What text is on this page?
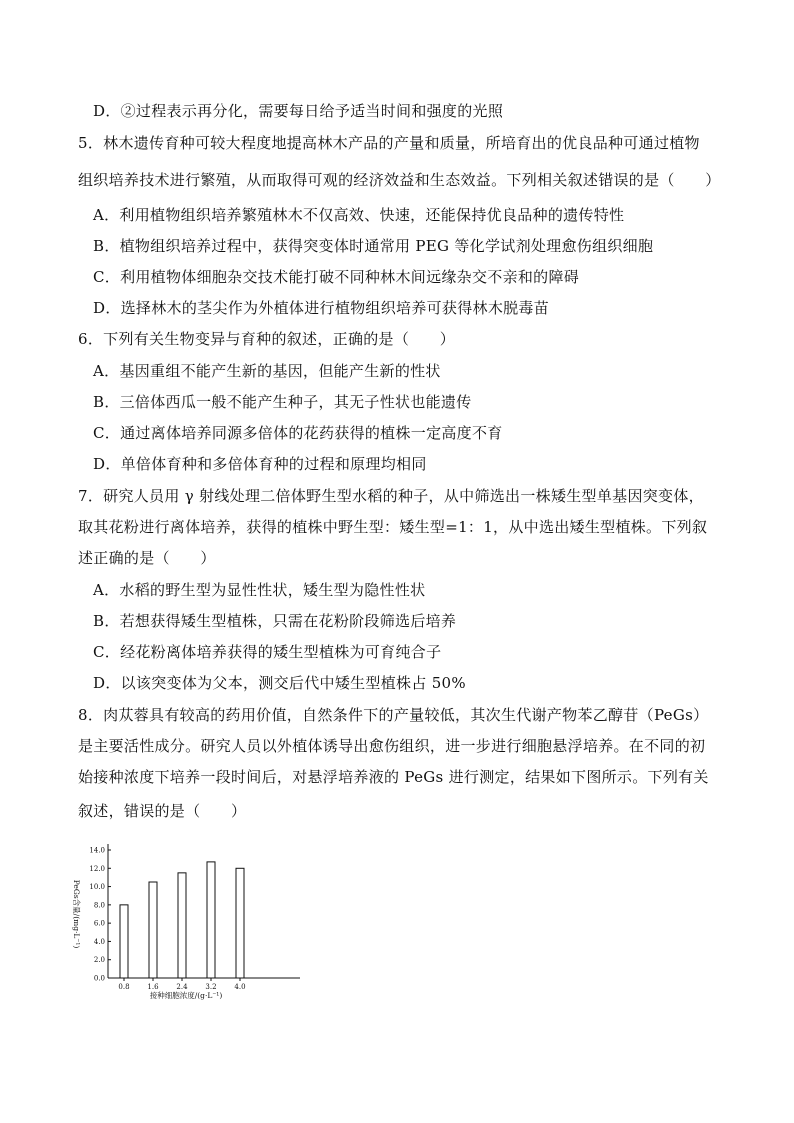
D．②过程表示再分化，需要每日给予适当时间和强度的光照
5．林木遗传育种可较大程度地提高林木产品的产量和质量，所培育出的优良品种可通过植物
组织培养技术进行繁殖，从而取得可观的经济效益和生态效益。下列相关叙述错误的是（　　）
A．利用植物组织培养繁殖林木不仅高效、快速，还能保持优良品种的遗传特性
B．植物组织培养过程中，获得突变体时通常用 PEG 等化学试剂处理愈伤组织细胞
C．利用植物体细胞杂交技术能打破不同种林木间远缘杂交不亲和的障碍
D．选择林木的茎尖作为外植体进行植物组织培养可获得林木脱毒苗
6．下列有关生物变异与育种的叙述，正确的是（　　）
A．基因重组不能产生新的基因，但能产生新的性状
B．三倍体西瓜一般不能产生种子，其无子性状也能遗传
C．通过离体培养同源多倍体的花药获得的植株一定高度不育
D．单倍体育种和多倍体育种的过程和原理均相同
7．研究人员用 γ 射线处理二倍体野生型水稻的种子，从中筛选出一株矮生型单基因突变体，
取其花粉进行离体培养，获得的植株中野生型：矮生型=1：1，从中选出矮生型植株。下列叙
述正确的是（　　）
A．水稻的野生型为显性性状，矮生型为隐性性状
B．若想获得矮生型植株，只需在花粉阶段筛选后培养
C．经花粉离体培养获得的矮生型植株为可育纯合子
D．以该突变体为父本，测交后代中矮生型植株占 50%
8．肉苁蓉具有较高的药用价值，自然条件下的产量较低，其次生代谢产物苯乙醇苷（PeGs）
是主要活性成分。研究人员以外植体诱导出愈伤组织，进一步进行细胞悬浮培养。在不同的初
始接种浓度下培养一段时间后，对悬浮培养液的 PeGs 进行测定，结果如下图所示。下列有关
叙述，错误的是（　　）
0.0
2.0
4.0
6.0
8.0
10.0
12.0
14.0
0.8	1.6	2.4	3.2	4.0
接种细胞浓度/(g·L⁻¹)
PeGs含量/(mg·L⁻¹)
